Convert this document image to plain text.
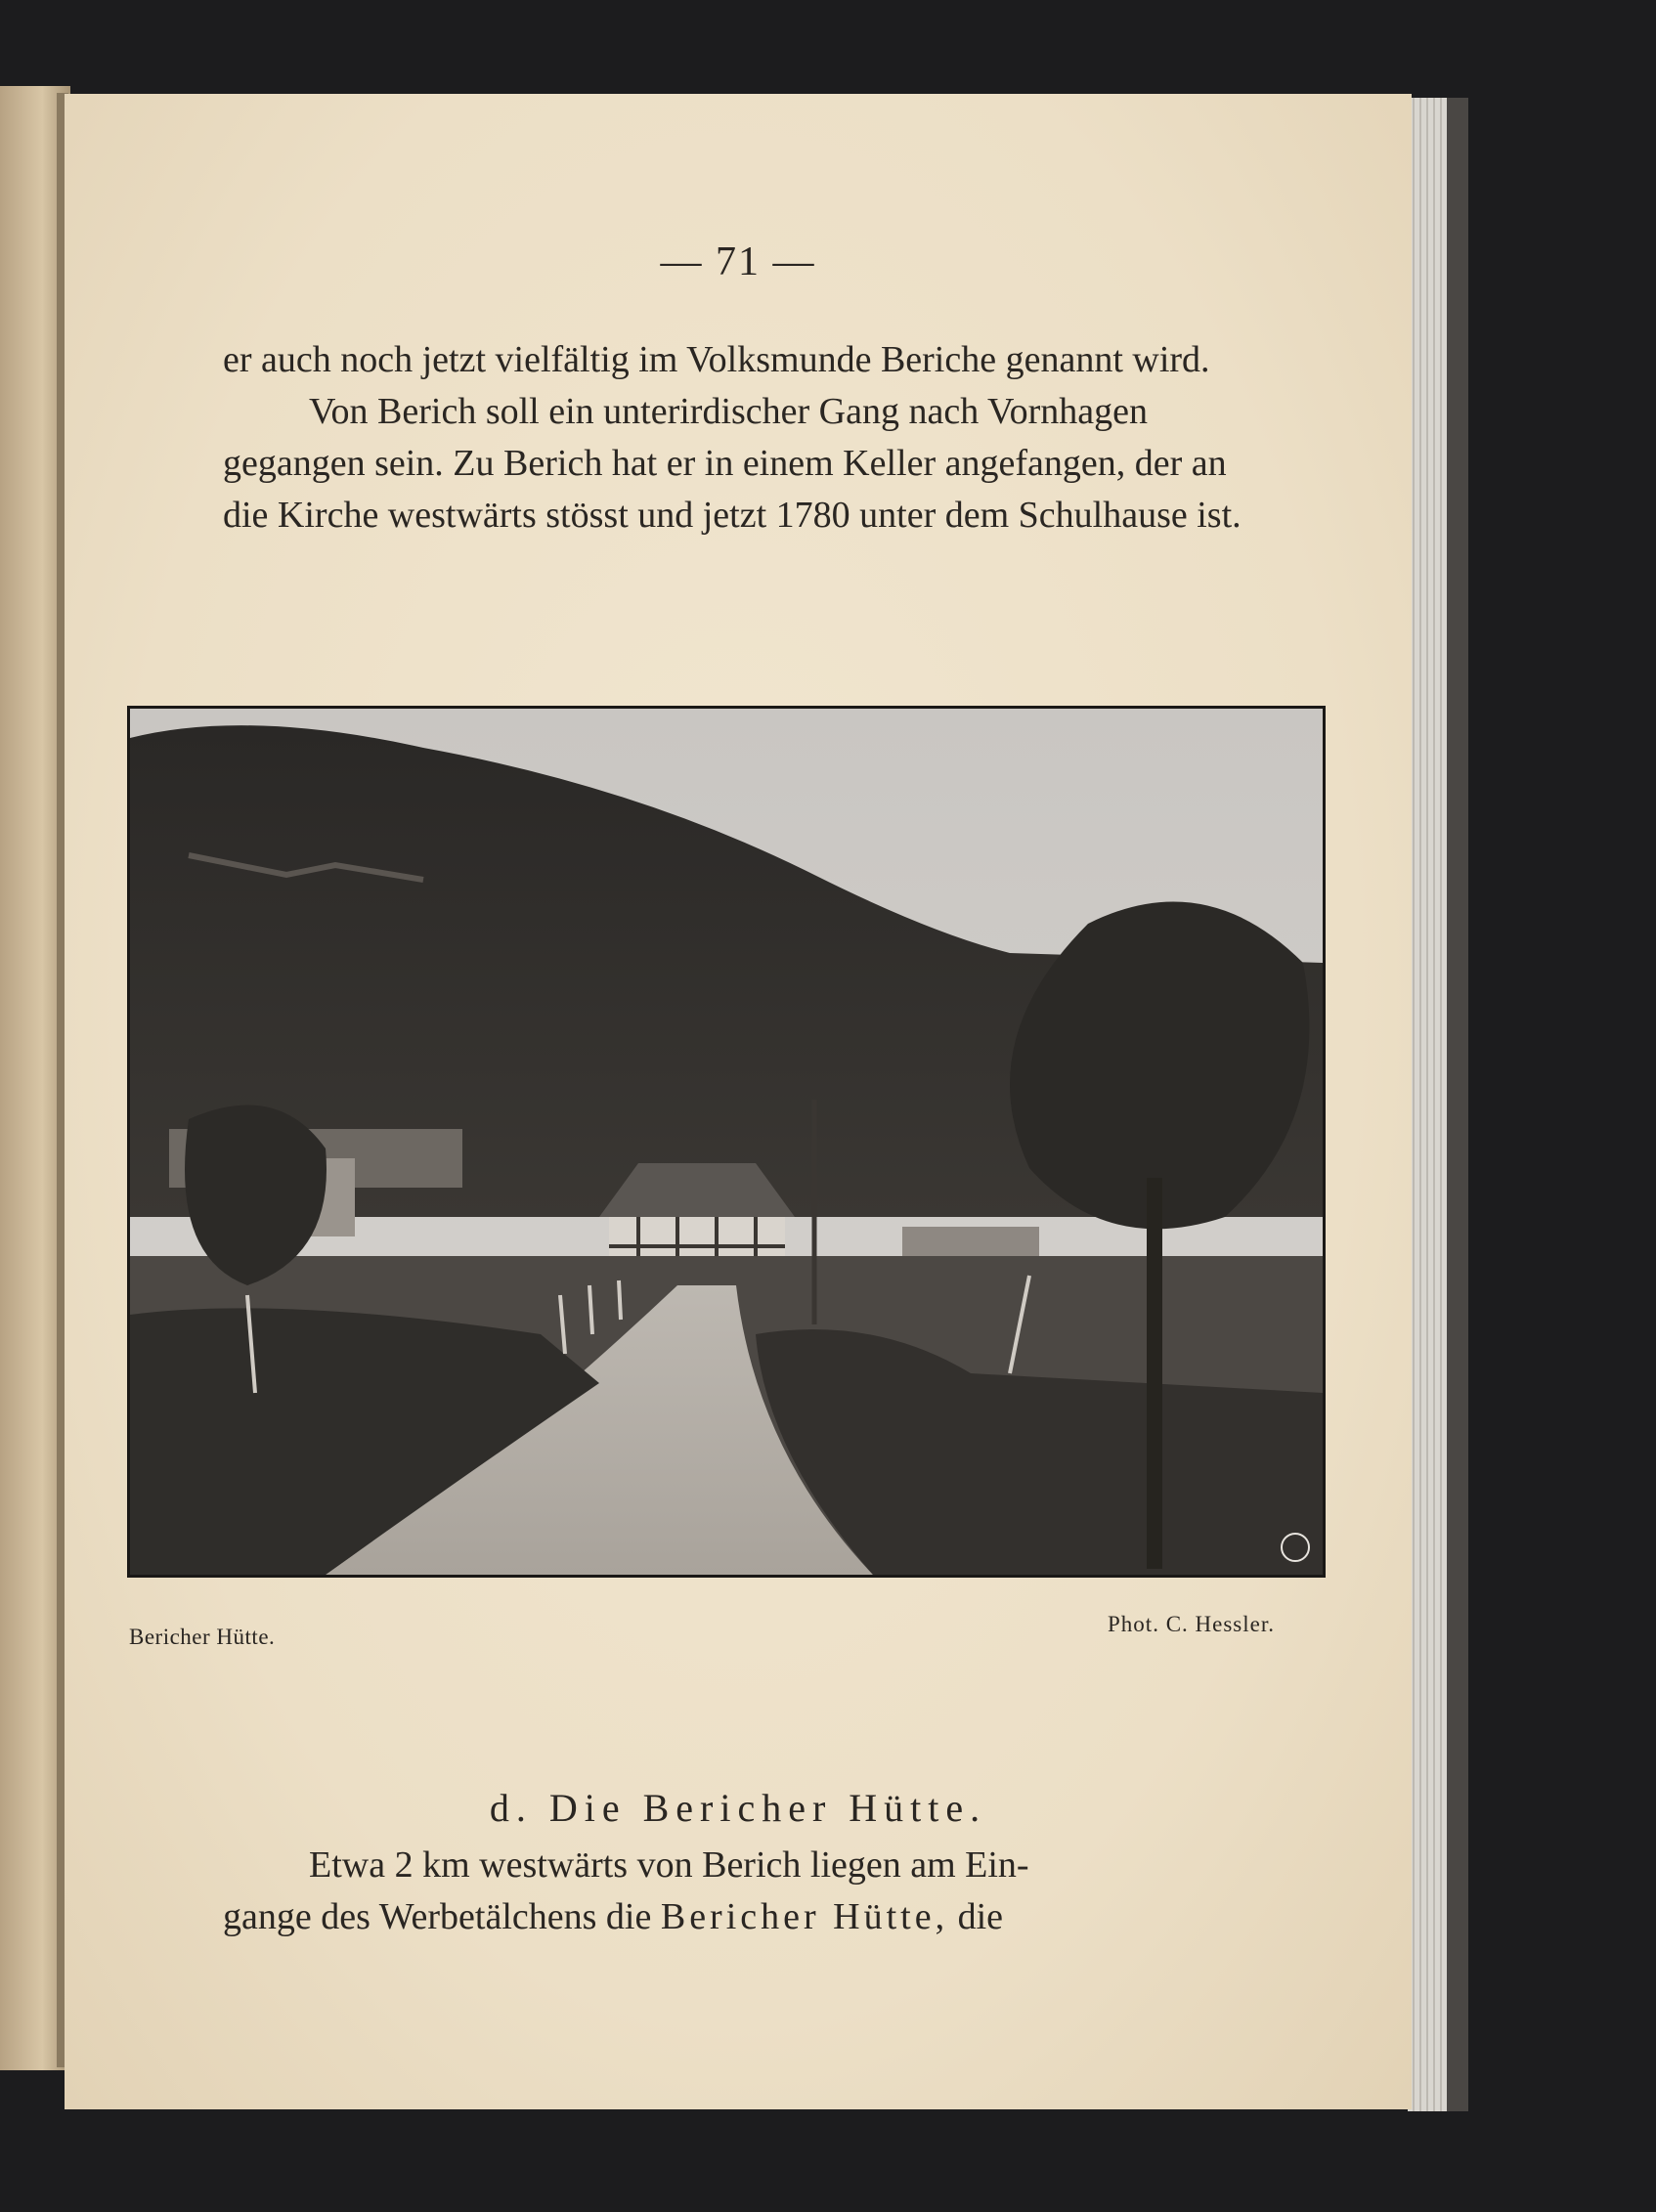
— 71 —

er auch noch jetzt vielfältig im Volksmunde Beriche genannt wird.

Von Berich soll ein unterirdischer Gang nach Vornhagen gegangen sein. Zu Berich hat er in einem Keller angefangen, der an die Kirche westwärts stösst und jetzt 1780 unter dem Schulhause ist.

Bericher Hütte.
Phot. C. Hessler.
d. Die Bericher Hütte.

Etwa 2 km westwärts von Berich liegen am Ein-

gange des Werbetälchens die Bericher Hütte, die
